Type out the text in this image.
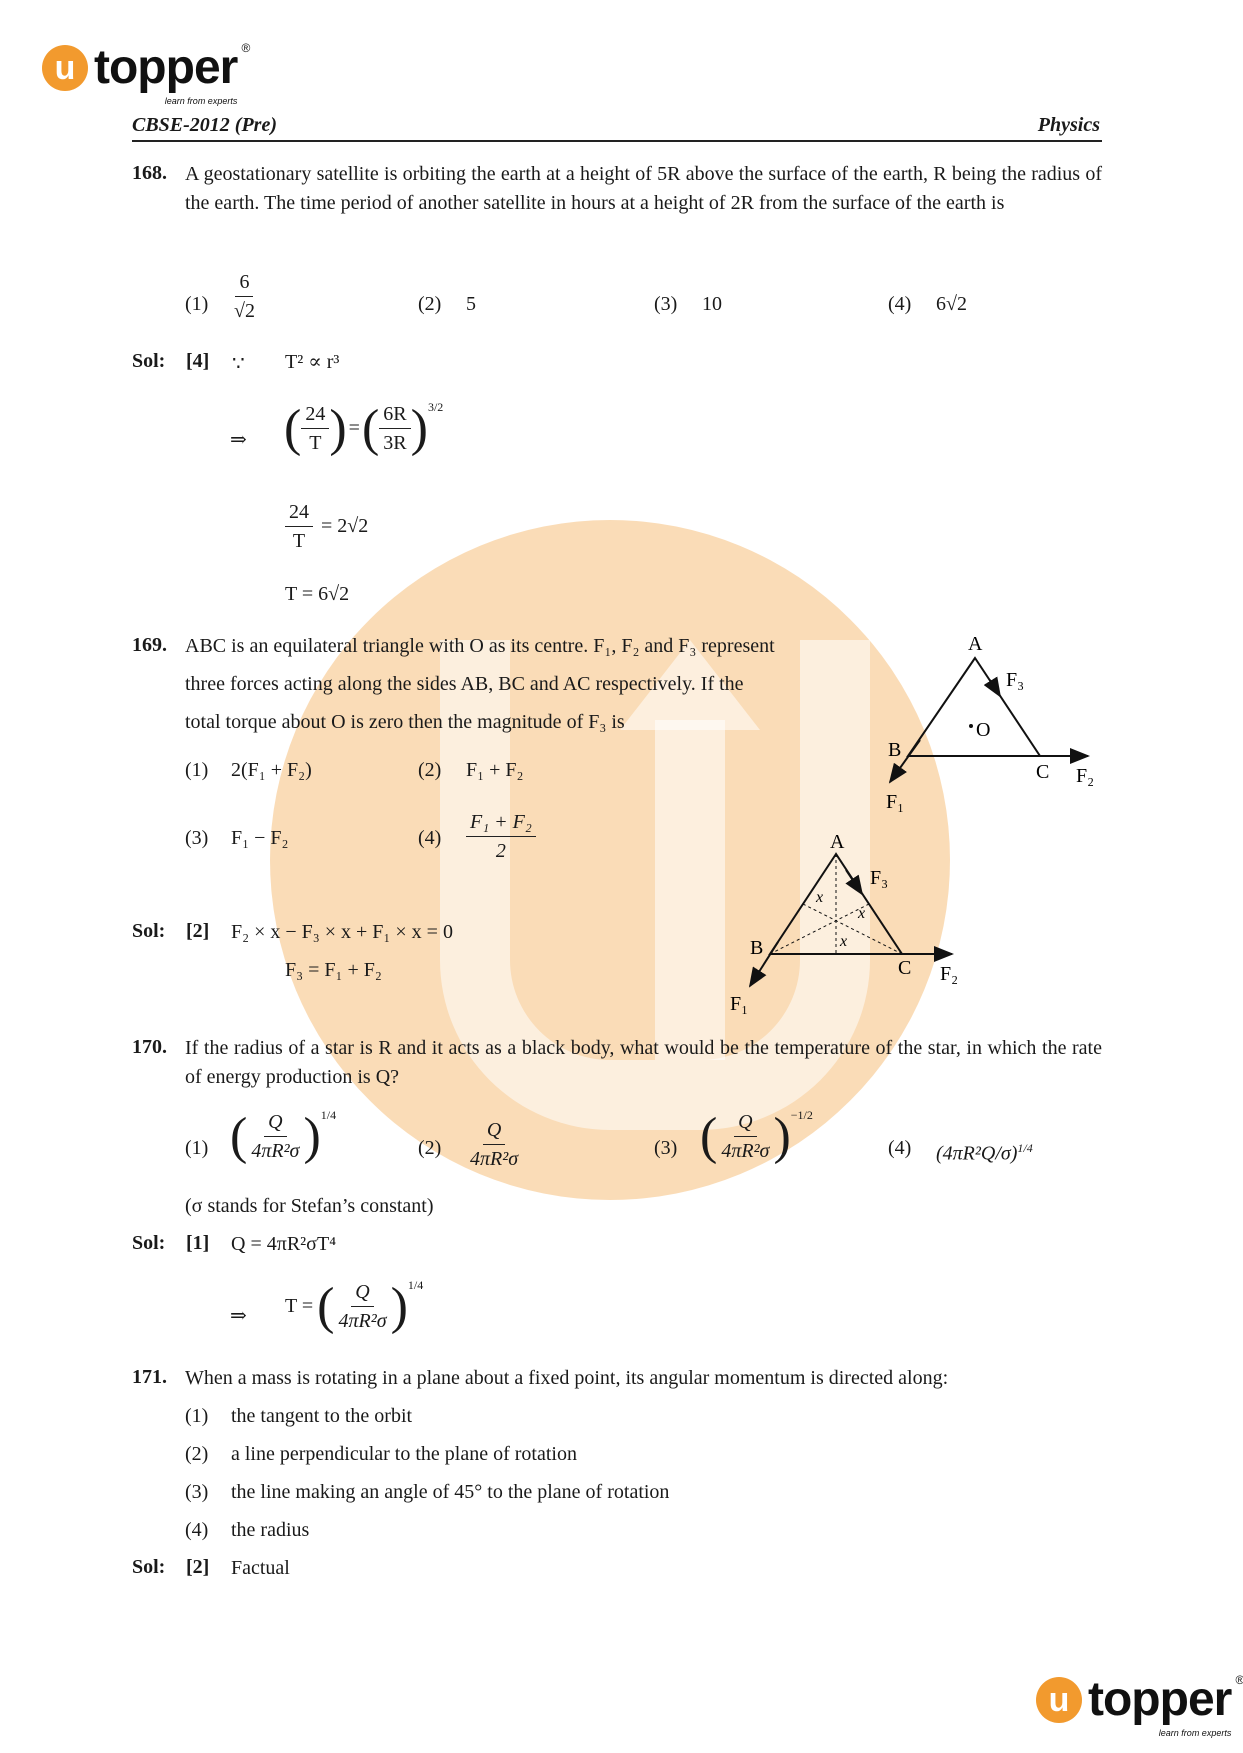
u topper ®
learn from experts
CBSE-2012 (Pre)	Physics
168. A geostationary satellite is orbiting the earth at a height of 5R above the surface of the earth, R being the radius of the earth. The time period of another satellite in hours at a height of 2R from the surface of the earth is
$(1) \frac{6}{√2}$	(2) 5	(3) 10	(4) 6√2
Sol: [4] ∵ T² ∝ r³
⇒ ( $\frac{24}{T}$ ) = ( $\frac{6R}{3R}$ ) 3/2
$\frac{24}{T} = 2√2$
T = 6√2
169. ABC is an equilateral triangle with O as its centre. F₁, F₂ and F₃ represent
three forces acting along the sides AB, BC and AC respectively. If the
total torque about O is zero then the magnitude of F₃ is
(1) 2(F₁ + F₂)	(2) F₁ + F₂
(3) F₁ − F₂	$(4) \frac{\text{F₁ + F₂}}{2}$
Sol: [2] F₂ × x − F₃ × x + F₁ × x = 0
F₃ = F₁ + F₂
A
B
C
O
F₃
F₂
F₁
A
B
C
x
x
x
F₃
F₂
F₁
170. If the radius of a star is R and it acts as a black body, what would be the temperature of the star, in which the rate of energy production is Q?
(1) ( $\frac{Q}{\text{4πR²σ}}$ ) 1/4
$(2) \frac{Q}{\text{4πR²σ}}$	(3) ( $\frac{Q}{\text{4πR²σ}}$ ) −1/2
(4) $(4\pi R^2Q/\sigma)^{1/4}$
(σ stands for Stefan’s constant)
Sol: [1] Q = 4πR²σT⁴
⇒ T = ( $\frac{Q}{\text{4πR²σ}}$ ) 1/4
171. When a mass is rotating in a plane about a fixed point, its angular momentum is directed along:
(1) the tangent to the orbit
(2) a line perpendicular to the plane of rotation
(3) the line making an angle of 45° to the plane of rotation
(4) the radius
Sol: [2] Factual
u topper ®
learn from experts
